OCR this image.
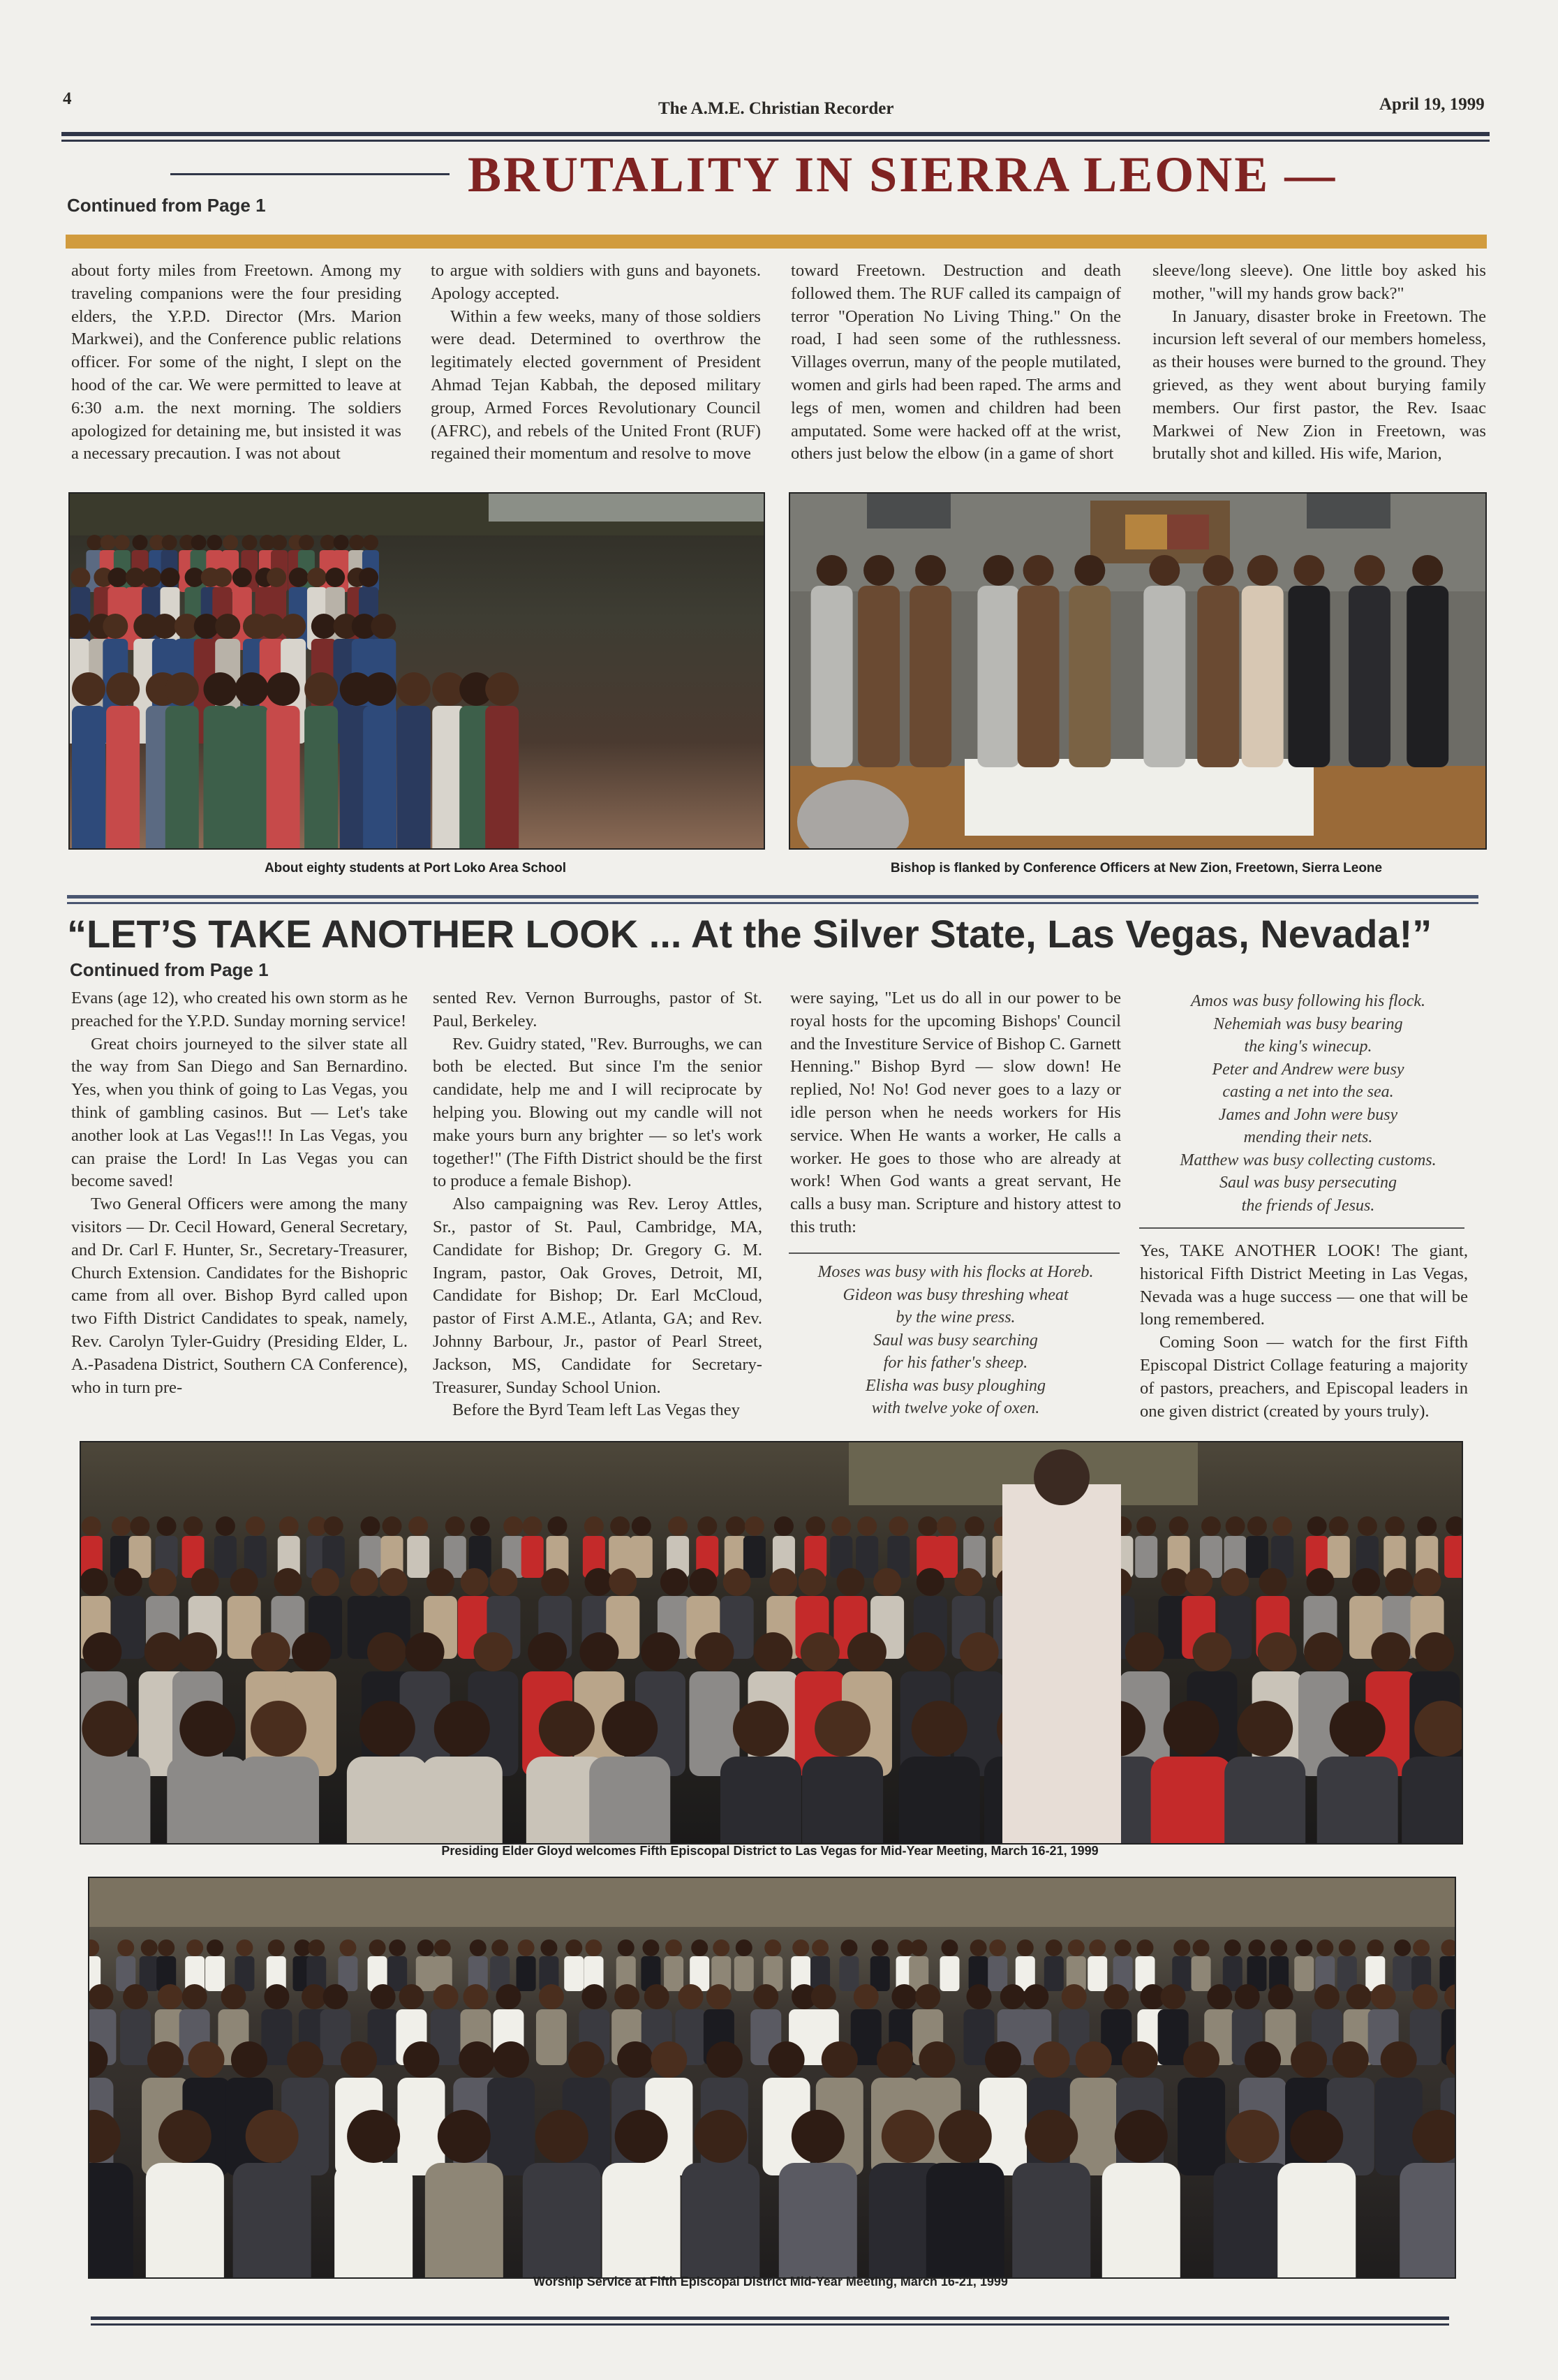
4
The A.M.E. Christian Recorder	April 19, 1999
BRUTALITY IN SIERRA LEONE —
Continued from Page 1

about forty miles from Freetown. Among my traveling companions were the four presiding elders, the Y.P.D. Director (Mrs. Marion Markwei), and the Conference public relations officer. For some of the night, I slept on the hood of the car. We were permitted to leave at 6:30 a.m. the next morning. The soldiers apologized for detaining me, but insisted it was a necessary precaution. I was not about

to argue with soldiers with guns and bayonets. Apology accepted.

Within a few weeks, many of those soldiers were dead. Determined to overthrow the legitimately elected government of President Ahmad Tejan Kabbah, the deposed military group, Armed Forces Revolutionary Council (AFRC), and rebels of the United Front (RUF) regained their momentum and resolve to move

toward Freetown. Destruction and death followed them. The RUF called its campaign of terror "Operation No Living Thing." On the road, I had seen some of the ruthlessness. Villages overrun, many of the people mutilated, women and girls had been raped. The arms and legs of men, women and children had been amputated. Some were hacked off at the wrist, others just below the elbow (in a game of short

sleeve/long sleeve). One little boy asked his mother, "will my hands grow back?"

In January, disaster broke in Freetown. The incursion left several of our members homeless, as their houses were burned to the ground. They grieved, as they went about burying family members. Our first pastor, the Rev. Isaac Markwei of New Zion in Freetown, was brutally shot and killed. His wife, Marion,

About eighty students at Port Loko Area School	Bishop is flanked by Conference Officers at New Zion, Freetown, Sierra Leone
“LET’S TAKE ANOTHER LOOK ... At the Silver State, Las Vegas, Nevada!”
Continued from Page 1

Evans (age 12), who created his own storm as he preached for the Y.P.D. Sunday morning service!

Great choirs journeyed to the silver state all the way from San Diego and San Bernardino. Yes, when you think of going to Las Vegas, you think of gambling casinos. But — Let's take another look at Las Vegas!!! In Las Vegas, you can praise the Lord! In Las Vegas you can become saved!

Two General Officers were among the many visitors — Dr. Cecil Howard, General Secretary, and Dr. Carl F. Hunter, Sr., Secretary-Treasurer, Church Extension. Candidates for the Bishopric came from all over. Bishop Byrd called upon two Fifth District Candidates to speak, namely, Rev. Carolyn Tyler-Guidry (Presiding Elder, L. A.-Pasadena District, Southern CA Conference), who in turn pre-

sented Rev. Vernon Burroughs, pastor of St. Paul, Berkeley.

Rev. Guidry stated, "Rev. Burroughs, we can both be elected. But since I'm the senior candidate, help me and I will reciprocate by helping you. Blowing out my candle will not make yours burn any brighter — so let's work together!" (The Fifth District should be the first to produce a female Bishop).

Also campaigning was Rev. Leroy Attles, Sr., pastor of St. Paul, Cambridge, MA, Candidate for Bishop; Dr. Gregory G. M. Ingram, pastor, Oak Groves, Detroit, MI, Candidate for Bishop; Dr. Earl McCloud, pastor of First A.M.E., Atlanta, GA; and Rev. Johnny Barbour, Jr., pastor of Pearl Street, Jackson, MS, Candidate for Secretary-Treasurer, Sunday School Union.

Before the Byrd Team left Las Vegas they

were saying, "Let us do all in our power to be royal hosts for the upcoming Bishops' Council and the Investiture Service of Bishop C. Garnett Henning." Bishop Byrd — slow down! He replied, No! No! God never goes to a lazy or idle person when he needs workers for His service. When He wants a worker, He calls a worker. He goes to those who are already at work! When God wants a great servant, He calls a busy man. Scripture and history attest to this truth:

Moses was busy with his flocks at Horeb.
Gideon was busy threshing wheat
by the wine press.
Saul was busy searching
for his father's sheep.
Elisha was busy ploughing
with twelve yoke of oxen.
Amos was busy following his flock.
Nehemiah was busy bearing
the king's winecup.
Peter and Andrew were busy
casting a net into the sea.
James and John were busy
mending their nets.
Matthew was busy collecting customs.
Saul was busy persecuting
the friends of Jesus.

Yes, TAKE ANOTHER LOOK! The giant, historical Fifth District Meeting in Las Vegas, Nevada was a huge success — one that will be long remembered.

Coming Soon — watch for the first Fifth Episcopal District Collage featuring a majority of pastors, preachers, and Episcopal leaders in one given district (created by yours truly).

Presiding Elder Gloyd welcomes Fifth Episcopal District to Las Vegas for Mid-Year Meeting, March 16-21, 1999
Worship Service at Fifth Episcopal District Mid-Year Meeting, March 16-21, 1999
